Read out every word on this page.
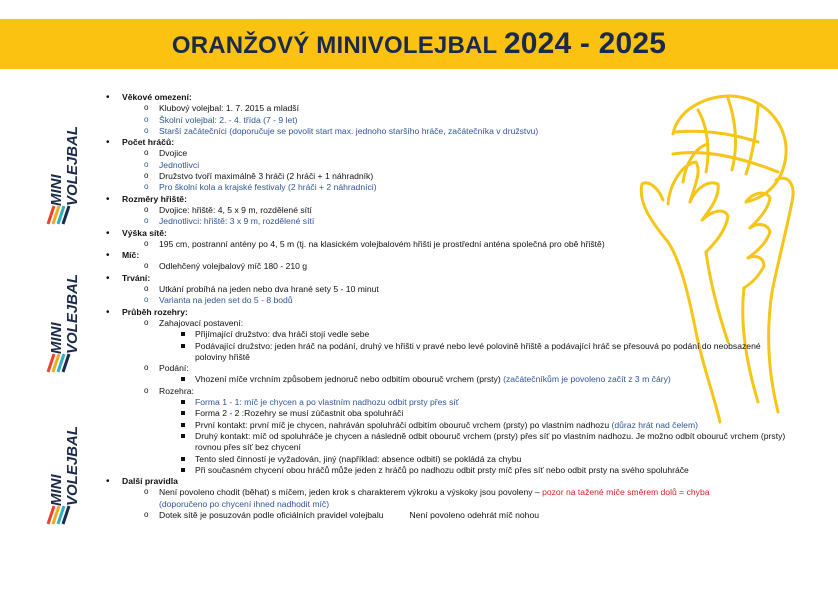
ORANŽOVÝ MINIVOLEJBAL 2024 - 2025
MINI VOLEJBAL
MINI VOLEJBAL
MINI VOLEJBAL
• Věkové omezení:
o Klubový volejbal: 1. 7. 2015 a mladší
o Školní volejbal: 2. - 4. třída (7 - 9 let)
o Starší začátečníci (doporučuje se povolit start max. jednoho staršího hráče, začátečníka v družstvu)
• Počet hráčů:
o Dvojice
o Jednotlivci
o Družstvo tvoří maximálně 3 hráči (2 hráči + 1 náhradník)
o Pro školní kola a krajské festivaly (2 hráči + 2 náhradníci)
• Rozměry hřiště:
o Dvojice: hřiště: 4, 5 x 9 m, rozdělené sítí
o Jednotlivci: hřiště: 3 x 9 m, rozdělené sítí
• Výška sítě:
o 195 cm, postranní antény po 4, 5 m (tj. na klasickém volejbalovém hřišti je prostřední anténa společná pro obě hřiště)
• Míč:
o Odlehčený volejbalový míč 180 - 210 g
• Trvání:
o Utkání probíhá na jeden nebo dva hrané sety 5 - 10 minut
o Varianta na jeden set do 5 - 8 bodů
• Průběh rozehry:
o Zahajovací postavení:
Přijímající družstvo: dva hráči stojí vedle sebe
Podávající družstvo: jeden hráč na podání, druhý ve hřišti v pravé nebo levé polovině hřiště a podávající hráč se přesouvá po podání do neobsazené poloviny hřiště
o Podání:
Vhození míče vrchním způsobem jednoruč nebo odbitím obouruč vrchem (prsty) (začátečníkům je povoleno začít z 3 m čáry)
o Rozehra:
Forma 1 - 1: míč je chycen a po vlastním nadhozu odbit prsty přes síť
Forma 2 - 2 :Rozehry se musí zúčastnit oba spoluhráči
První kontakt: první míč je chycen, nahráván spoluhráči odbitím obouruč vrchem (prsty) po vlastním nadhozu (důraz hrát nad čelem)
Druhý kontakt: míč od spoluhráče je chycen a následně odbit obouruč vrchem (prsty) přes síť po vlastním nadhozu. Je možno odbít obouruč vrchem (prsty) rovnou přes síť bez chycení
Tento sled činností je vyžadován, jiný (například: absence odbití) se pokládá za chybu
Při současném chycení obou hráčů může jeden z hráčů po nadhozu odbit prsty míč přes síť nebo odbit prsty na svého spoluhráče
• Další pravidla
o Není povoleno chodit (běhat) s míčem, jeden krok s charakterem výkroku a výskoky jsou povoleny – pozor na tažené míče směrem dolů = chyba
(doporučeno po chycení ihned nadhodit míč)
o Dotek sítě je posuzován podle oficiálních pravidel volejbalu	Není povoleno odehrát míč nohou
